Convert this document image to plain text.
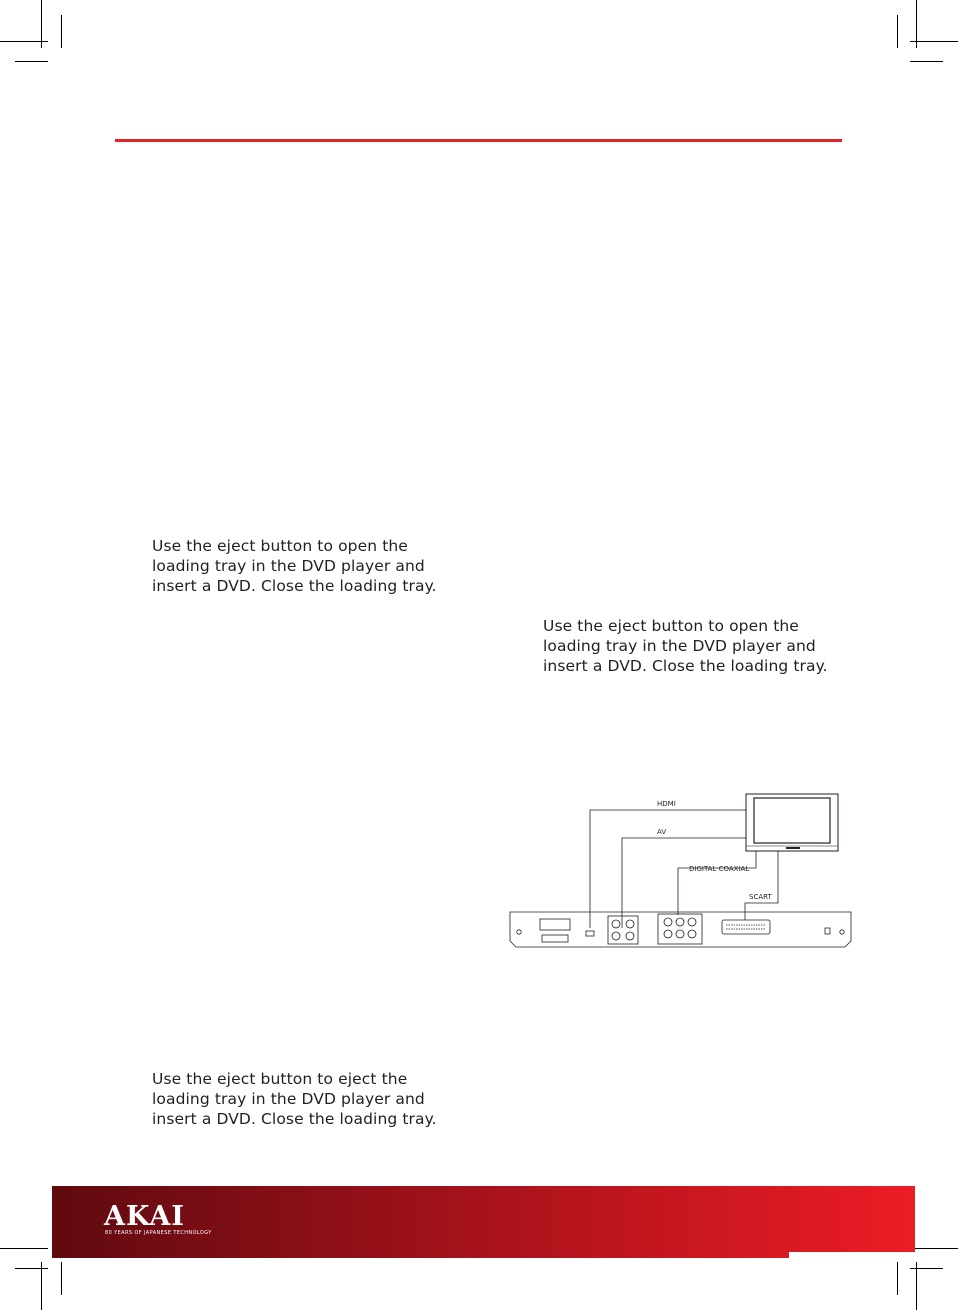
Use the eject button to open the
loading tray in the DVD player and
insert a DVD. Close the loading tray.

Use the eject button to open the
loading tray in the DVD player and
insert a DVD. Close the loading tray.

Use the eject button to eject the
loading tray in the DVD player and
insert a DVD. Close the loading tray.

HDMI
AV
DIGITAL COAXIAL
SCART
AKAI
80 YEARS OF JAPANESE TECHNOLOGY
